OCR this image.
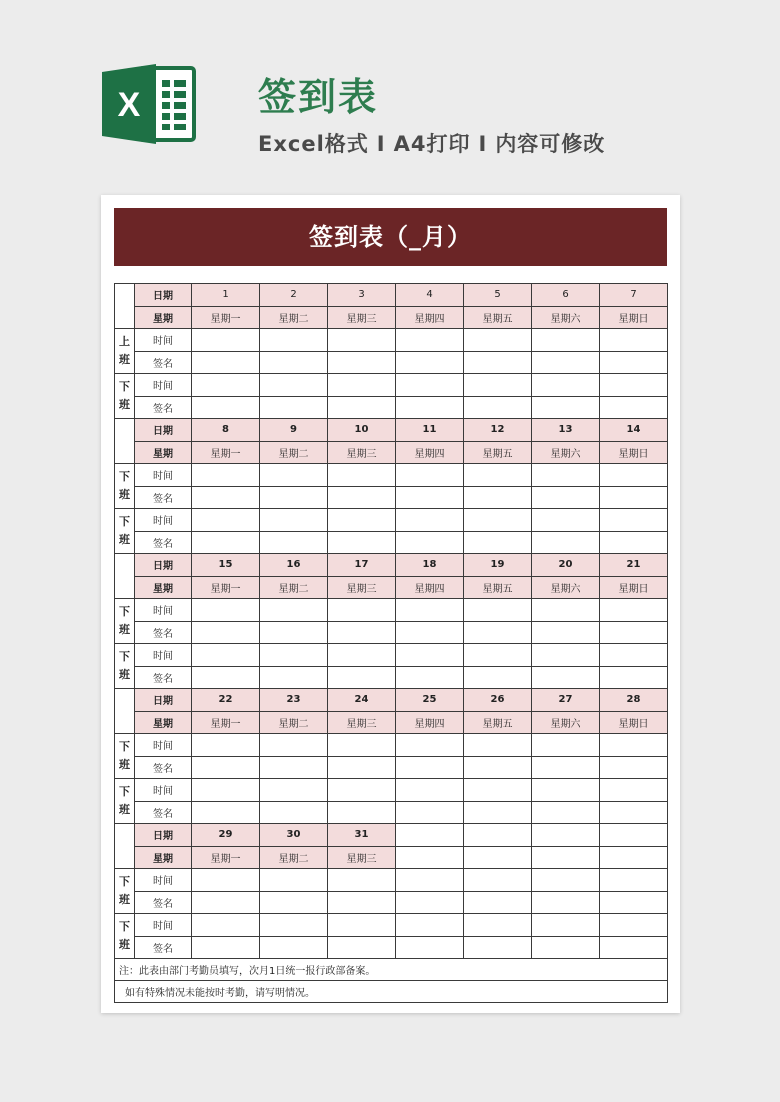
X	签到表
Excel格式 I A4打印 I 内容可修改
签到表（_月）
	日期	1	2	3	4	5	6	7
	星期	星期一	星期二	星期三	星期四	星期五	星期六	星期日
上
班	时间							
	签名							
下
班	时间							
	签名							
	日期	8	9	10	11	12	13	14
	星期	星期一	星期二	星期三	星期四	星期五	星期六	星期日
下
班	时间							
	签名							
下
班	时间							
	签名							
	日期	15	16	17	18	19	20	21
	星期	星期一	星期二	星期三	星期四	星期五	星期六	星期日
下
班	时间							
	签名							
下
班	时间							
	签名							
	日期	22	23	24	25	26	27	28
	星期	星期一	星期二	星期三	星期四	星期五	星期六	星期日
下
班	时间							
	签名							
下
班	时间							
	签名							
	日期	29	30	31				
	星期	星期一	星期二	星期三				
下
班	时间							
	签名							
下
班	时间							
	签名							
注：此表由部门考勤员填写，次月1日统一报行政部备案。								
如有特殊情况未能按时考勤，请写明情况。								
